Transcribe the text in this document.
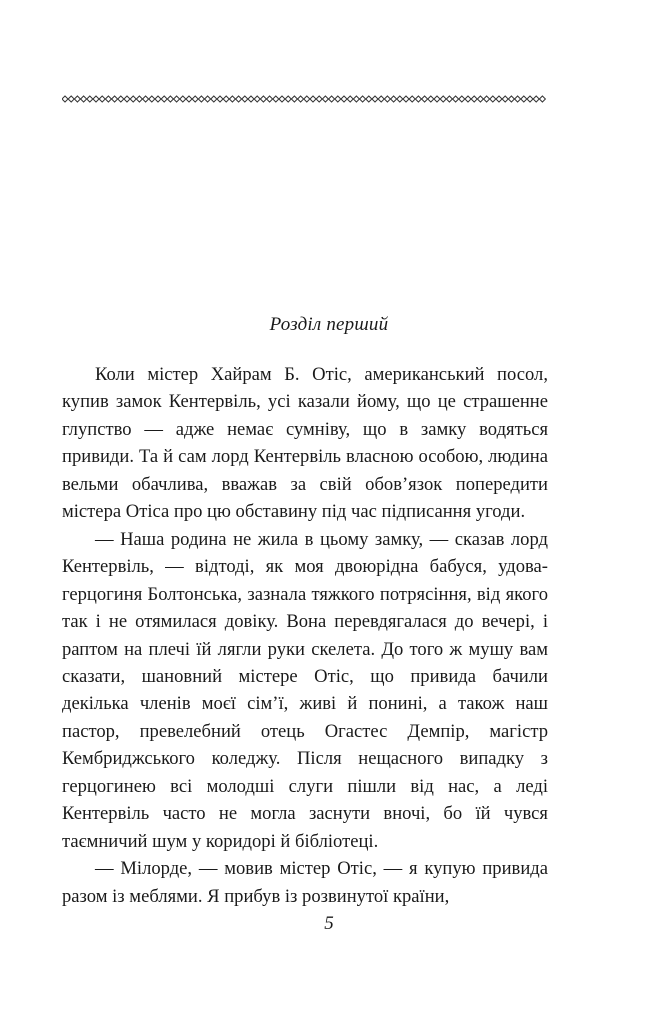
Розділ перший

Коли містер Хайрам Б. Отіс, американський посол, купив замок Кентервіль, усі казали йому, що це страшенне глупство — адже немає сумніву, що в замку водяться привиди. Та й сам лорд Кентервіль власною особою, людина вельми обачлива, вважав за свій обов’язок попередити містера Отіса про цю обставину під час підписання угоди.

— Наша родина не жила в цьому замку, — сказав лорд Кентервіль, — відтоді, як моя двоюрідна бабуся, удова-герцогиня Болтонська, зазнала тяжкого потрясіння, від якого так і не отямилася довіку. Вона перевдягалася до вечері, і раптом на плечі їй лягли руки скелета. До того ж мушу вам сказати, шановний містере Отіс, що привида бачили декілька членів моєї сім’ї, живі й понині, а також наш пастор, превелебний отець Огастес Демпір, магістр Кембриджського коледжу. Після нещасного випадку з герцогинею всі молодші слуги пішли від нас, а леді Кентервіль часто не могла заснути вночі, бо їй чувся таємничий шум у коридорі й бібліотеці.

— Мілорде, — мовив містер Отіс, — я купую привида разом із меблями. Я прибув із розвинутої країни,

5
